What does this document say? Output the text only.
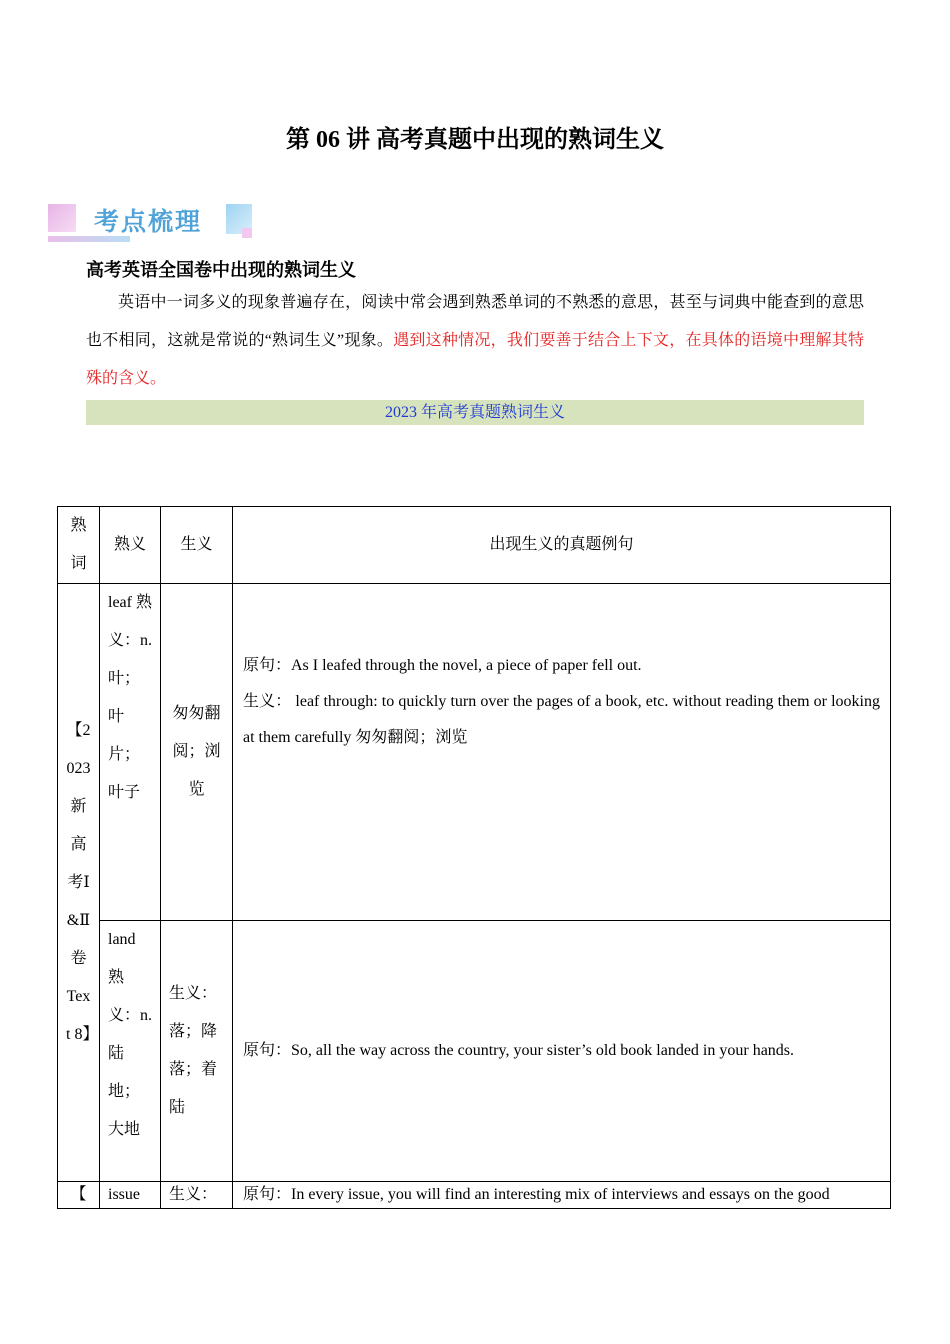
第 06 讲 高考真题中出现的熟词生义
考点梳理
高考英语全国卷中出现的熟词生义
英语中一词多义的现象普遍存在，阅读中常会遇到熟悉单词的不熟悉的意思，甚至与词典中能查到的意思也不相同，这就是常说的“熟词生义”现象。遇到这种情况，我们要善于结合上下文，在具体的语境中理解其特殊的含义。
2023 年高考真题熟词生义
熟词	熟义	生义	出现生义的真题例句
【2023新高考Ⅰ&Ⅱ卷Text 8】	leaf 熟义：n. 叶；叶片；叶子	匆匆翻阅；浏览	原句：As I leafed through the novel, a piece of paper fell out.
生义： leaf through: to quickly turn over the pages of a book, etc. without reading them or looking at them carefully 匆匆翻阅；浏览

	land 熟义：n. 陆地；大地	生义：落；降落；着陆	原句：So, all the way across the country, your sister’s old book landed in your hands.

【	issue	生义：	原句：In every issue, you will find an interesting mix of interviews and essays on the good
